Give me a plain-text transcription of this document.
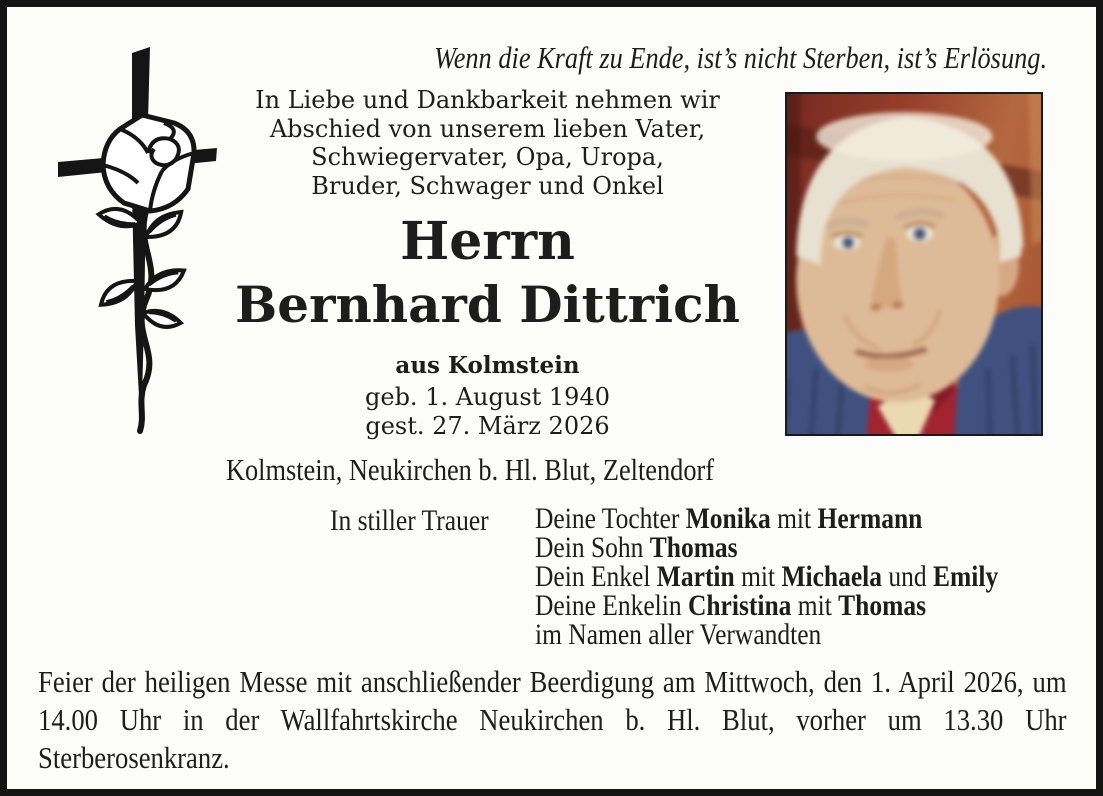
Wenn die Kraft zu Ende, ist’s nicht Sterben, ist’s Erlösung.
In Liebe und Dankbarkeit nehmen wir
Abschied von unserem lieben Vater,
Schwiegervater, Opa, Uropa,
Bruder, Schwager und Onkel
Herrn
Bernhard Dittrich
aus Kolmstein
geb. 1. August 1940
gest. 27. März 2026
Kolmstein, Neukirchen b. Hl. Blut, Zeltendorf
In stiller Trauer Deine Tochter Monika mit Hermann
Dein Sohn Thomas
Dein Enkel Martin mit Michaela und Emily
Deine Enkelin Christina mit Thomas
im Namen aller Verwandten
Feier der heiligen Messe mit anschließender Beerdigung am Mittwoch, den 1. April 2026, um 14.00 Uhr in der Wallfahrtskirche Neukirchen b. Hl. Blut, vorher um 13.30 Uhr Sterberosenkranz.
